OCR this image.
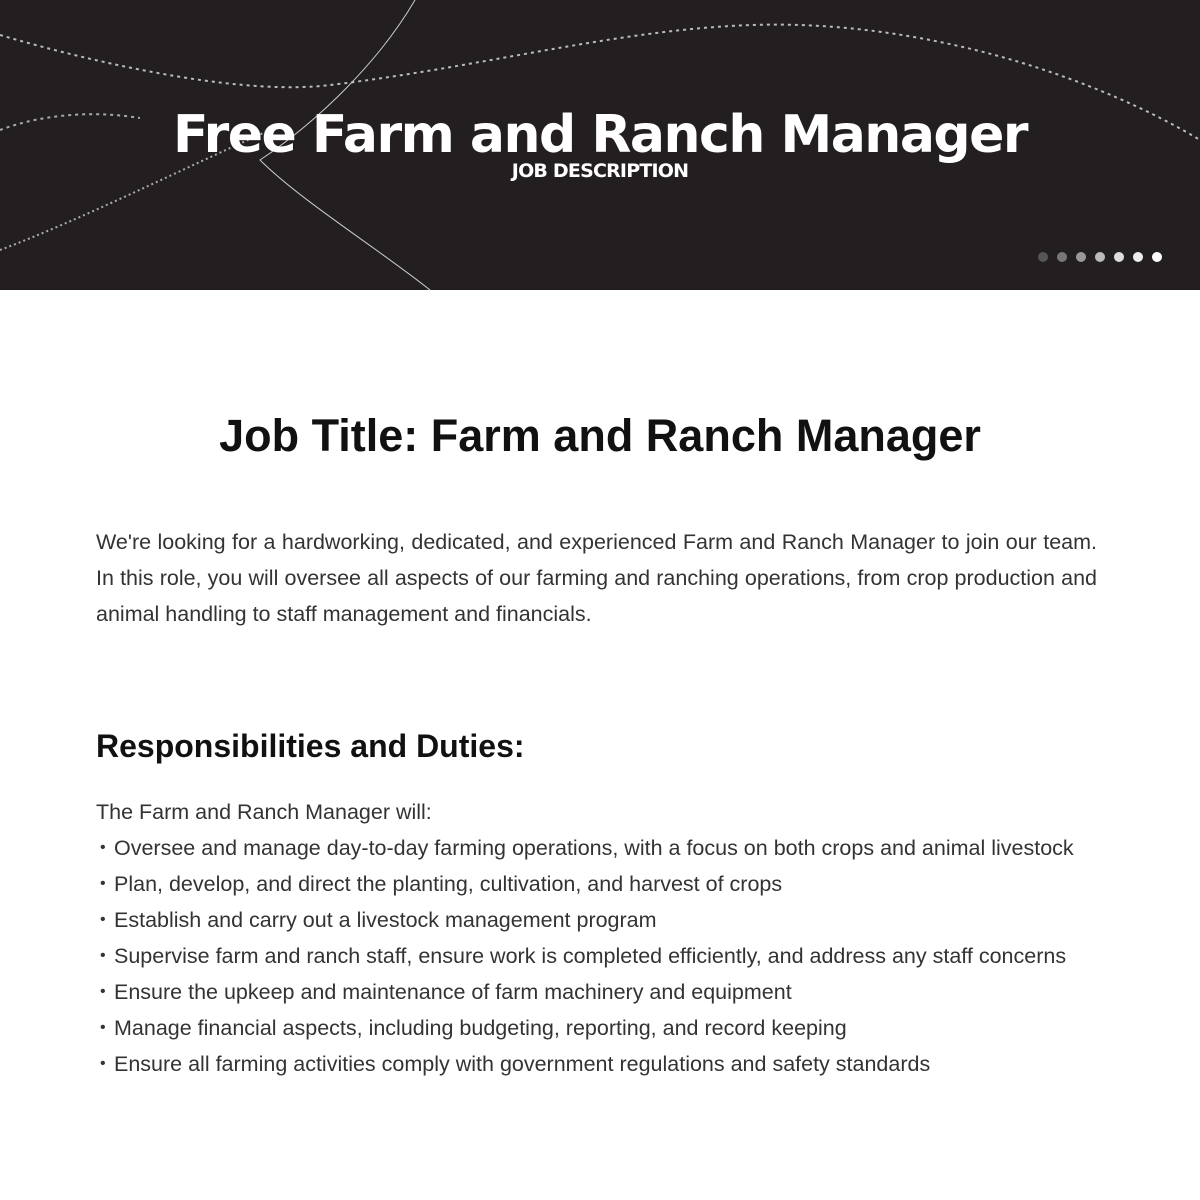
Free Farm and Ranch Manager
JOB DESCRIPTION
Job Title: Farm and Ranch Manager

We're looking for a hardworking, dedicated, and experienced Farm and Ranch Manager to join our team. In this role, you will oversee all aspects of our farming and ranching operations, from crop production and animal handling to staff management and financials.

Responsibilities and Duties:
The Farm and Ranch Manager will:
• Oversee and manage day-to-day farming operations, with a focus on both crops and animal livestock
• Plan, develop, and direct the planting, cultivation, and harvest of crops
• Establish and carry out a livestock management program
• Supervise farm and ranch staff, ensure work is completed efficiently, and address any staff concerns
• Ensure the upkeep and maintenance of farm machinery and equipment
• Manage financial aspects, including budgeting, reporting, and record keeping
• Ensure all farming activities comply with government regulations and safety standards
